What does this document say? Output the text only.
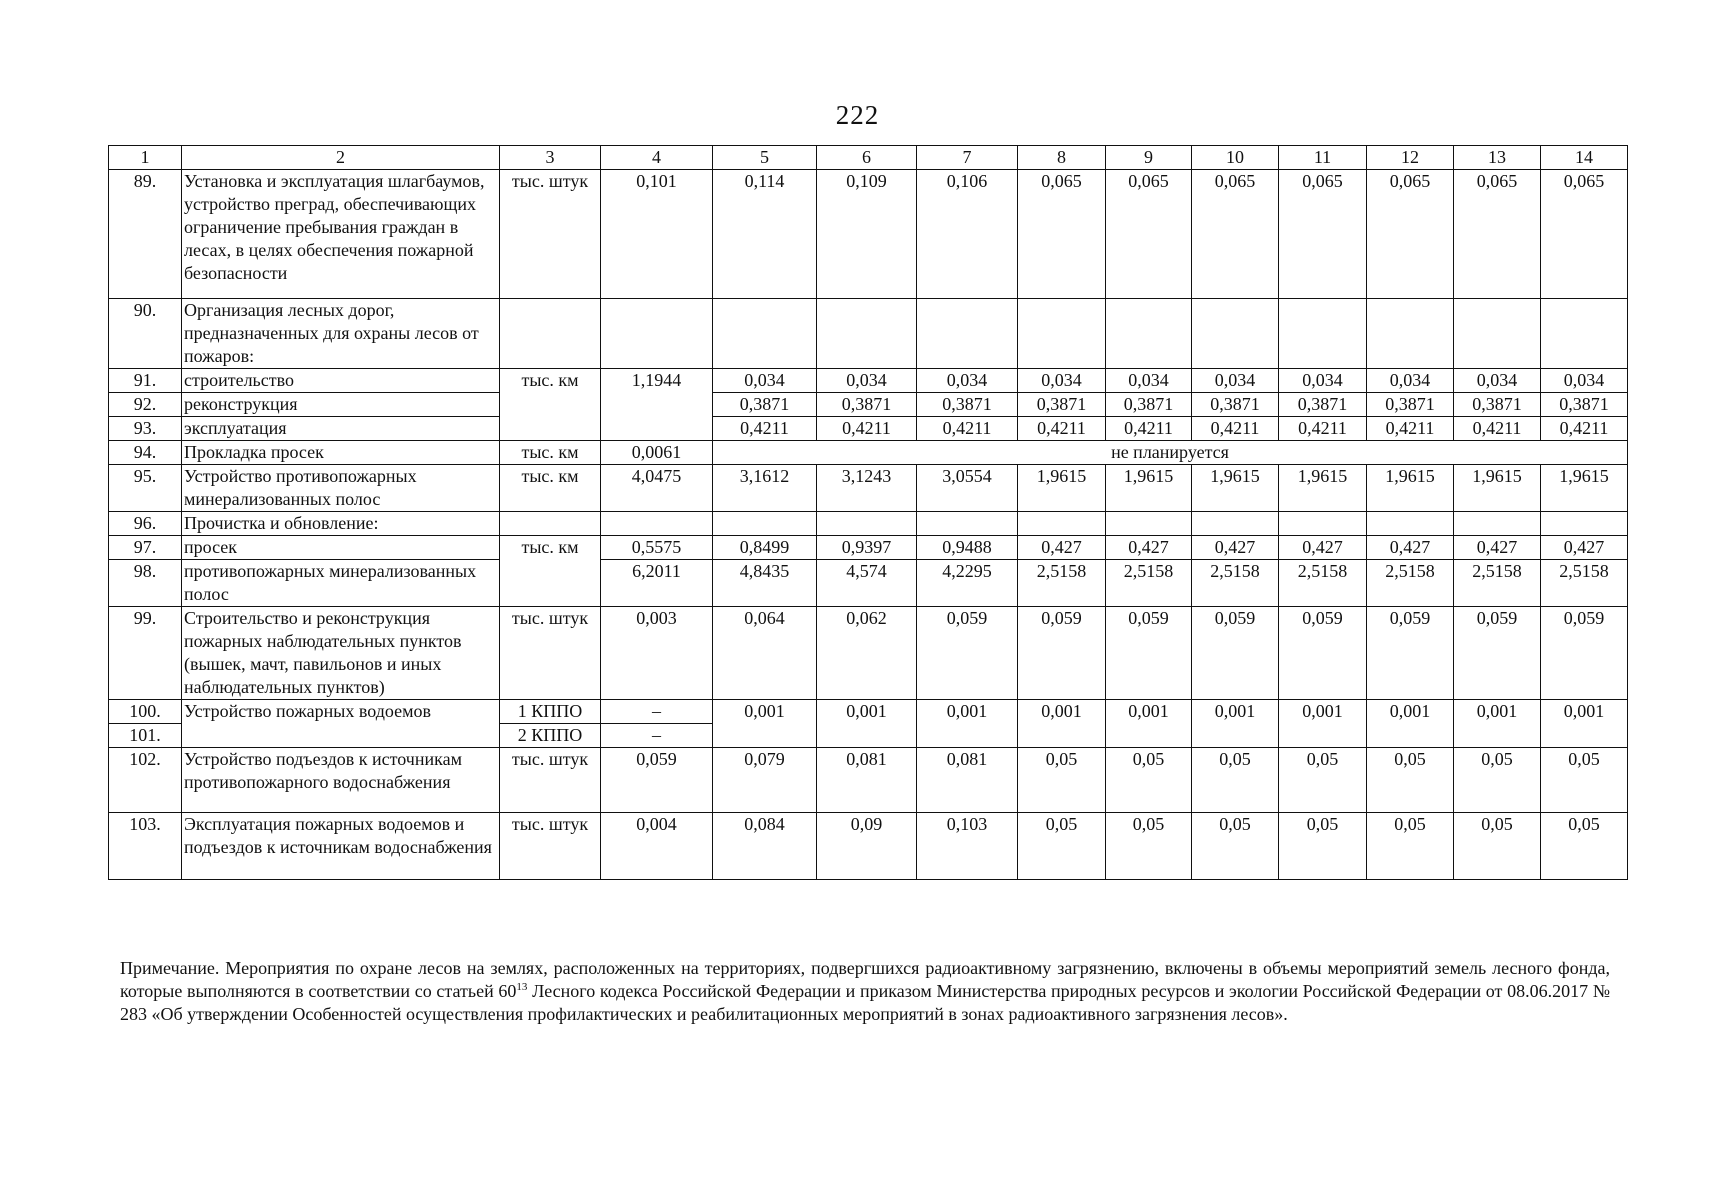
222
1	2	3	4	5	6	7	8	9	10	11	12	13	14
89.	Установка и эксплуатация шлагбаумов, устройство преград, обеспечивающих ограничение пребывания граждан в лесах, в целях обеспечения пожарной безопасности	тыс. штук	0,101	0,114	0,109	0,106	0,065	0,065	0,065	0,065	0,065	0,065	0,065
90.	Организация лесных дорог, предназначенных для охраны лесов от пожаров:												
91.	строительство	тыс. км	1,1944	0,034	0,034	0,034	0,034	0,034	0,034	0,034	0,034	0,034	0,034
92.	реконструкция			0,3871	0,3871	0,3871	0,3871	0,3871	0,3871	0,3871	0,3871	0,3871	0,3871
93.	эксплуатация			0,4211	0,4211	0,4211	0,4211	0,4211	0,4211	0,4211	0,4211	0,4211	0,4211
94.	Прокладка просек	тыс. км	0,0061	не планируется									
95.	Устройство противопожарных минерализованных полос	тыс. км	4,0475	3,1612	3,1243	3,0554	1,9615	1,9615	1,9615	1,9615	1,9615	1,9615	1,9615
96.	Прочистка и обновление:												
97.	просек	тыс. км	0,5575	0,8499	0,9397	0,9488	0,427	0,427	0,427	0,427	0,427	0,427	0,427
98.	противопожарных минерализованных полос		6,2011	4,8435	4,574	4,2295	2,5158	2,5158	2,5158	2,5158	2,5158	2,5158	2,5158
99.	Строительство и реконструкция пожарных наблюдательных пунктов (вышек, мачт, павильонов и иных наблюдательных пунктов)	тыс. штук	0,003	0,064	0,062	0,059	0,059	0,059	0,059	0,059	0,059	0,059	0,059
100.	Устройство пожарных водоемов	1 КППО	–	0,001	0,001	0,001	0,001	0,001	0,001	0,001	0,001	0,001	0,001
101.		2 КППО	–										
102.	Устройство подъездов к источникам противопожарного водоснабжения	тыс. штук	0,059	0,079	0,081	0,081	0,05	0,05	0,05	0,05	0,05	0,05	0,05
103.	Эксплуатация пожарных водоемов и подъездов к источникам водоснабжения	тыс. штук	0,004	0,084	0,09	0,103	0,05	0,05	0,05	0,05	0,05	0,05	0,05
Примечание. Мероприятия по охране лесов на землях, расположенных на территориях, подвергшихся радиоактивному загрязнению, включены в объемы мероприятий земель лесного фонда, которые выполняются в соответствии со статьей $60^{13}$ Лесного кодекса Российской Федерации и приказом Министерства природных ресурсов и экологии Российской Федерации от 08.06.2017 № 283 «Об утверждении Особенностей осуществления профилактических и реабилитационных мероприятий в зонах радиоактивного загрязнения лесов».
